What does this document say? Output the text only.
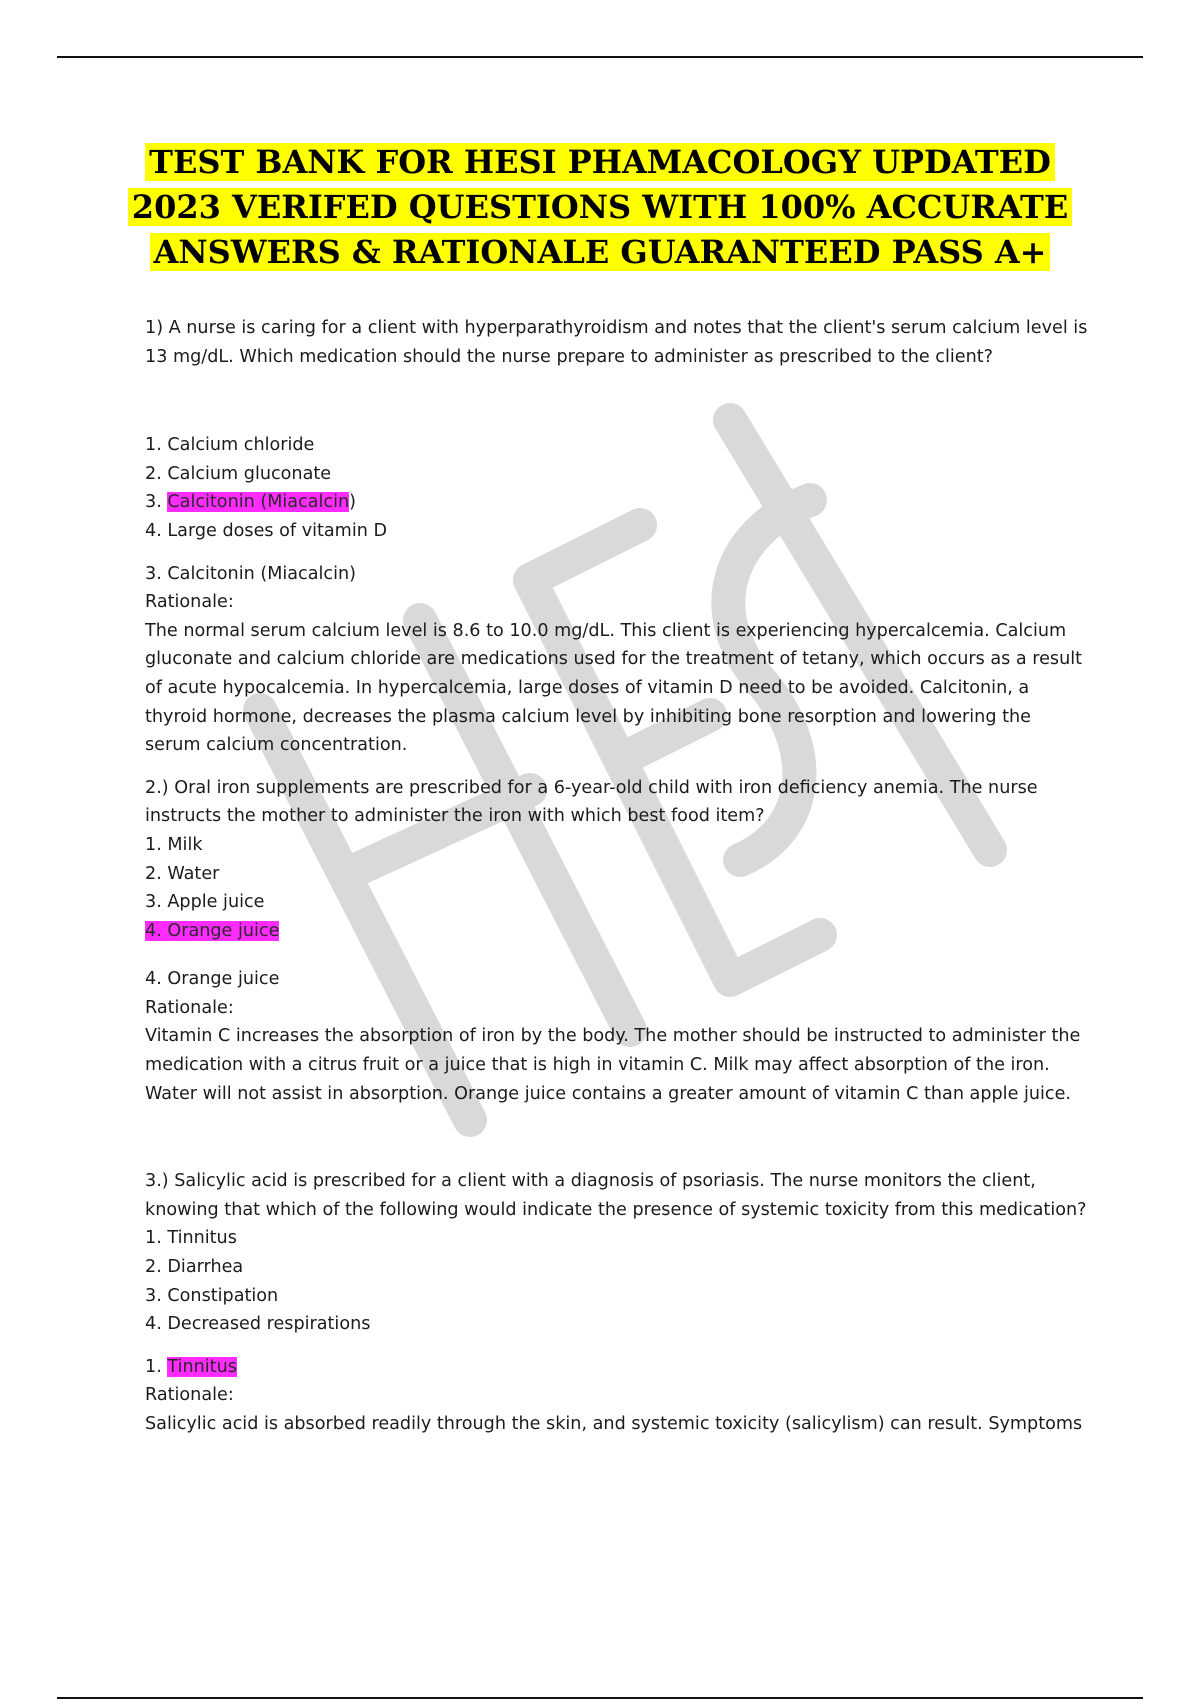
TEST BANK FOR HESI PHAMACOLOGY UPDATED
2023 VERIFED QUESTIONS WITH 100% ACCURATE
ANSWERS & RATIONALE GUARANTEED PASS A+

1) A nurse is caring for a client with hyperparathyroidism and notes that the client's serum calcium level is 13 mg/dL. Which medication should the nurse prepare to administer as prescribed to the client?

1. Calcium chloride

2. Calcium gluconate

3. Calcitonin (Miacalcin)

4. Large doses of vitamin D

3. Calcitonin (Miacalcin)

Rationale:

The normal serum calcium level is 8.6 to 10.0 mg/dL. This client is experiencing hypercalcemia. Calcium gluconate and calcium chloride are medications used for the treatment of tetany, which occurs as a result of acute hypocalcemia. In hypercalcemia, large doses of vitamin D need to be avoided. Calcitonin, a thyroid hormone, decreases the plasma calcium level by inhibiting bone resorption and lowering the serum calcium concentration.

2.) Oral iron supplements are prescribed for a 6-year-old child with iron deficiency anemia. The nurse instructs the mother to administer the iron with which best food item?

1. Milk

2. Water

3. Apple juice

4. Orange juice

4. Orange juice

Rationale:

Vitamin C increases the absorption of iron by the body. The mother should be instructed to administer the medication with a citrus fruit or a juice that is high in vitamin C. Milk may affect absorption of the iron. Water will not assist in absorption. Orange juice contains a greater amount of vitamin C than apple juice.

3.) Salicylic acid is prescribed for a client with a diagnosis of psoriasis. The nurse monitors the client, knowing that which of the following would indicate the presence of systemic toxicity from this medication?

1. Tinnitus

2. Diarrhea

3. Constipation

4. Decreased respirations

1. Tinnitus

Rationale:

Salicylic acid is absorbed readily through the skin, and systemic toxicity (salicylism) can result. Symptoms
